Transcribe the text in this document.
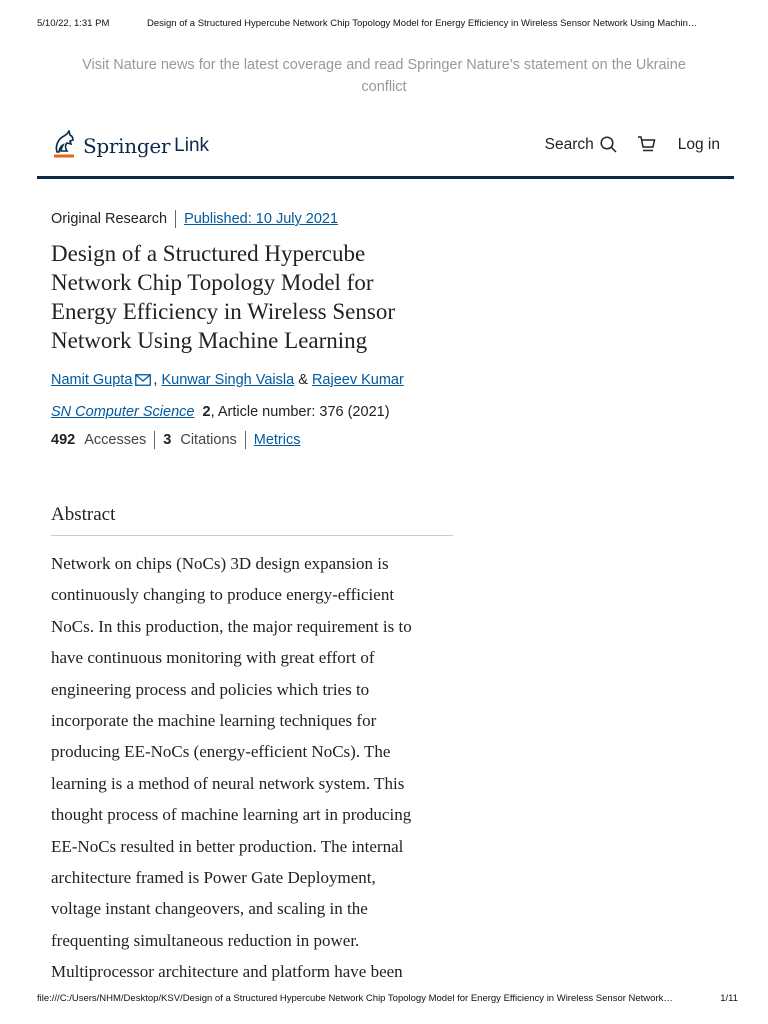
5/10/22, 1:31 PM	Design of a Structured Hypercube Network Chip Topology Model for Energy Efficiency in Wireless Sensor Network Using Machin…
Visit Nature news for the latest coverage and read Springer Nature's statement on the Ukraine
conflict
Springer Link	Search	Log in
Original Research Published: 10 July 2021
Design of a Structured Hypercube
Network Chip Topology Model for
Energy Efficiency in Wireless Sensor
Network Using Machine Learning
Namit Gupta ,
Kunwar Singh Vaisla
&
Rajeev Kumar
SN Computer Science 2, Article number: 376 (2021)
492 Accesses 3 Citations Metrics
Abstract
Network on chips (NoCs) 3D design expansion is
continuously changing to produce energy-efficient
NoCs. In this production, the major requirement is to
have continuous monitoring with great effort of
engineering process and policies which tries to
incorporate the machine learning techniques for
producing EE-NoCs (energy-efficient NoCs). The
learning is a method of neural network system. This
thought process of machine learning art in producing
EE-NoCs resulted in better production. The internal
architecture framed is Power Gate Deployment,
voltage instant changeovers, and scaling in the
frequenting simultaneous reduction in power.
Multiprocessor architecture and platform have been
file:///C:/Users/NHM/Desktop/KSV/Design of a Structured Hypercube Network Chip Topology Model for Energy Efficiency in Wireless Sensor Network…	1/11
